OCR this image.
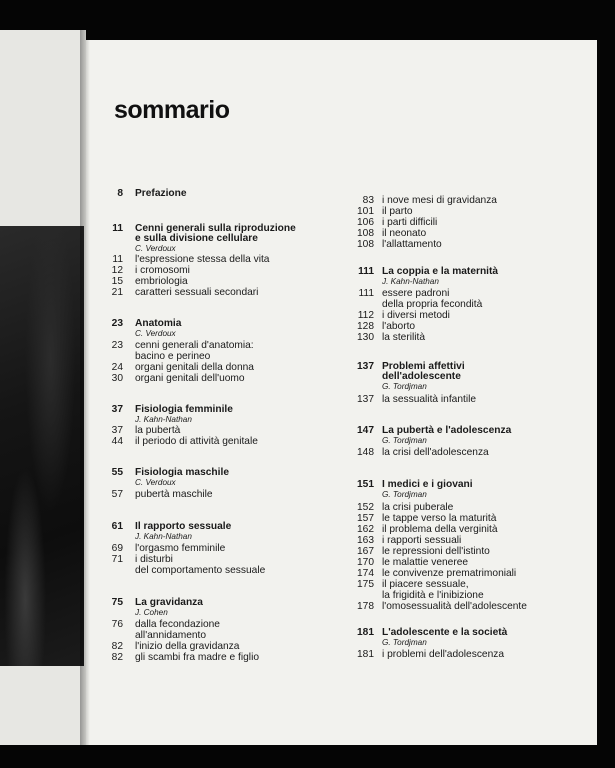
sommario
8 Prefazione
11 Cenni generali sulla riproduzione
e sulla divisione cellulare
C. Verdoux
11 l'espressione stessa della vita
12 i cromosomi
15 embriologia
21 caratteri sessuali secondari
23 Anatomia
C. Verdoux
23 cenni generali d'anatomia:
bacino e perineo
24 organi genitali della donna
30 organi genitali dell'uomo
37 Fisiologia femminile
J. Kahn-Nathan
37 la pubertà
44 il periodo di attività genitale
55 Fisiologia maschile
C. Verdoux
57 pubertà maschile
61 Il rapporto sessuale
J. Kahn-Nathan
69 l'orgasmo femminile
71 i disturbi
del comportamento sessuale
75 La gravidanza
J. Cohen
76 dalla fecondazione
all'annidamento
82 l'inizio della gravidanza
82 gli scambi fra madre e figlio
83 i nove mesi di gravidanza
101 il parto
106 i parti difficili
108 il neonato
108 l'allattamento
111 La coppia e la maternità
J. Kahn-Nathan
111 essere padroni
della propria fecondità
112 i diversi metodi
128 l'aborto
130 la sterilità
137 Problemi affettivi
dell'adolescente
G. Tordjman
137 la sessualità infantile
147 La pubertà e l'adolescenza
G. Tordjman
148 la crisi dell'adolescenza
151 I medici e i giovani
G. Tordjman
152 la crisi puberale
157 le tappe verso la maturità
162 il problema della verginità
163 i rapporti sessuali
167 le repressioni dell'istinto
170 le malattie veneree
174 le convivenze prematrimoniali
175 il piacere sessuale,
la frigidità e l'inibizione
178 l'omosessualità dell'adolescente
181 L'adolescente e la società
G. Tordjman
181 i problemi dell'adolescenza
